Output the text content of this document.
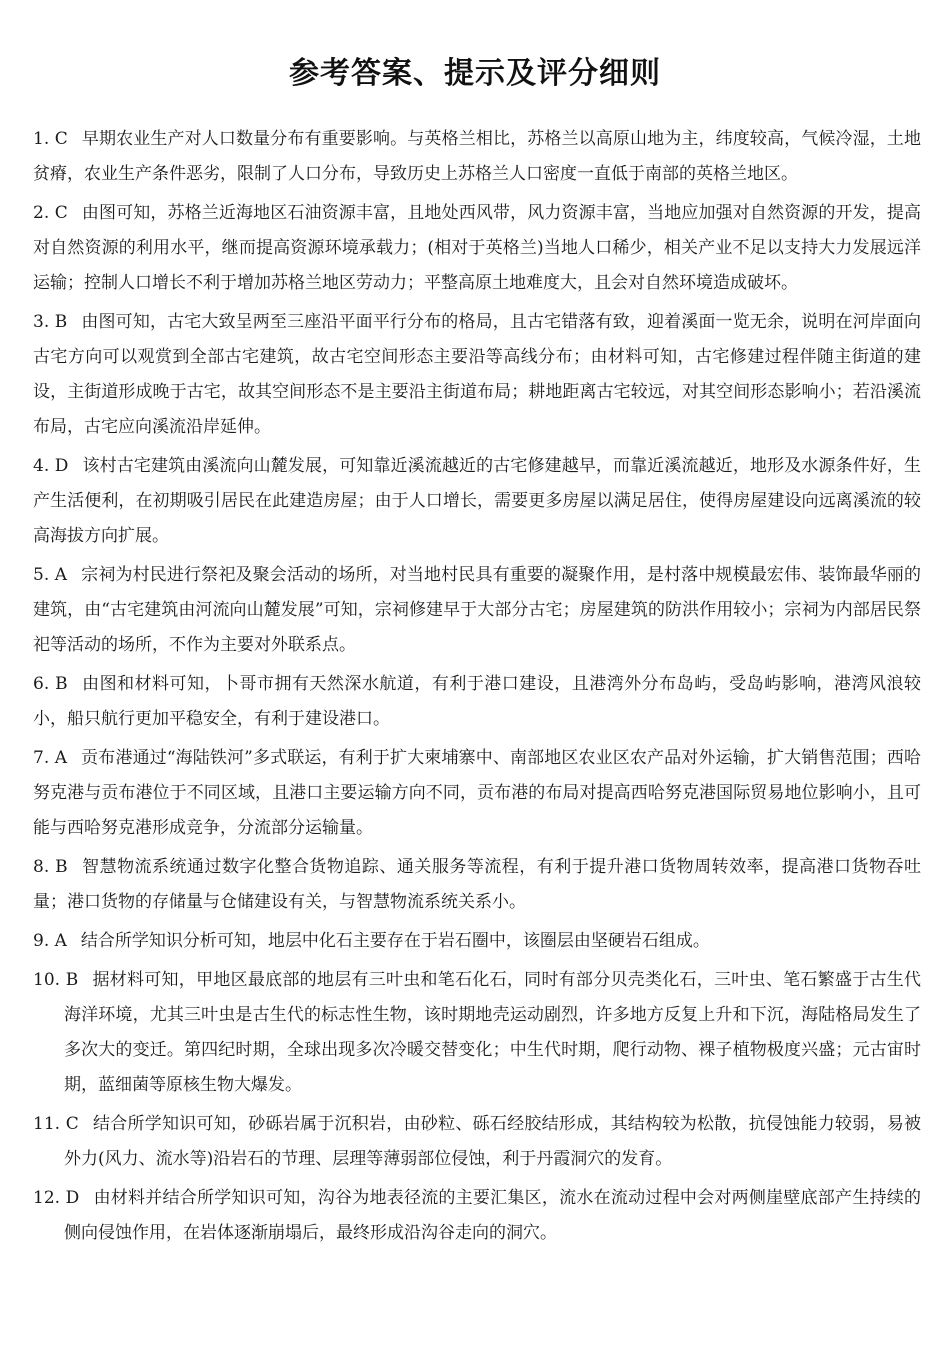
参考答案、提示及评分细则
1. C 早期农业生产对人口数量分布有重要影响。与英格兰相比，苏格兰以高原山地为主，纬度较高，气候冷湿，土地贫瘠，农业生产条件恶劣，限制了人口分布，导致历史上苏格兰人口密度一直低于南部的英格兰地区。
2. C 由图可知，苏格兰近海地区石油资源丰富，且地处西风带，风力资源丰富，当地应加强对自然资源的开发，提高对自然资源的利用水平，继而提高资源环境承载力；(相对于英格兰)当地人口稀少，相关产业不足以支持大力发展远洋运输；控制人口增长不利于增加苏格兰地区劳动力；平整高原土地难度大，且会对自然环境造成破坏。
3. B 由图可知，古宅大致呈两至三座沿平面平行分布的格局，且古宅错落有致，迎着溪面一览无余，说明在河岸面向古宅方向可以观赏到全部古宅建筑，故古宅空间形态主要沿等高线分布；由材料可知，古宅修建过程伴随主街道的建设，主街道形成晚于古宅，故其空间形态不是主要沿主街道布局；耕地距离古宅较远，对其空间形态影响小；若沿溪流布局，古宅应向溪流沿岸延伸。
4. D 该村古宅建筑由溪流向山麓发展，可知靠近溪流越近的古宅修建越早，而靠近溪流越近，地形及水源条件好，生产生活便利，在初期吸引居民在此建造房屋；由于人口增长，需要更多房屋以满足居住，使得房屋建设向远离溪流的较高海拔方向扩展。
5. A 宗祠为村民进行祭祀及聚会活动的场所，对当地村民具有重要的凝聚作用，是村落中规模最宏伟、装饰最华丽的建筑，由“古宅建筑由河流向山麓发展”可知，宗祠修建早于大部分古宅；房屋建筑的防洪作用较小；宗祠为内部居民祭祀等活动的场所，不作为主要对外联系点。
6. B 由图和材料可知，卜哥市拥有天然深水航道，有利于港口建设，且港湾外分布岛屿，受岛屿影响，港湾风浪较小，船只航行更加平稳安全，有利于建设港口。
7. A 贡布港通过“海陆铁河”多式联运，有利于扩大柬埔寨中、南部地区农业区农产品对外运输，扩大销售范围；西哈努克港与贡布港位于不同区域，且港口主要运输方向不同，贡布港的布局对提高西哈努克港国际贸易地位影响小，且可能与西哈努克港形成竞争，分流部分运输量。
8. B 智慧物流系统通过数字化整合货物追踪、通关服务等流程，有利于提升港口货物周转效率，提高港口货物吞吐量；港口货物的存储量与仓储建设有关，与智慧物流系统关系小。
9. A 结合所学知识分析可知，地层中化石主要存在于岩石圈中，该圈层由坚硬岩石组成。
10. B 据材料可知，甲地区最底部的地层有三叶虫和笔石化石，同时有部分贝壳类化石，三叶虫、笔石繁盛于古生代海洋环境，尤其三叶虫是古生代的标志性生物，该时期地壳运动剧烈，许多地方反复上升和下沉，海陆格局发生了多次大的变迁。第四纪时期，全球出现多次冷暖交替变化；中生代时期，爬行动物、裸子植物极度兴盛；元古宙时期，蓝细菌等原核生物大爆发。
11. C 结合所学知识可知，砂砾岩属于沉积岩，由砂粒、砾石经胶结形成，其结构较为松散，抗侵蚀能力较弱，易被外力(风力、流水等)沿岩石的节理、层理等薄弱部位侵蚀，利于丹霞洞穴的发育。
12. D 由材料并结合所学知识可知，沟谷为地表径流的主要汇集区，流水在流动过程中会对两侧崖壁底部产生持续的侧向侵蚀作用，在岩体逐渐崩塌后，最终形成沿沟谷走向的洞穴。
